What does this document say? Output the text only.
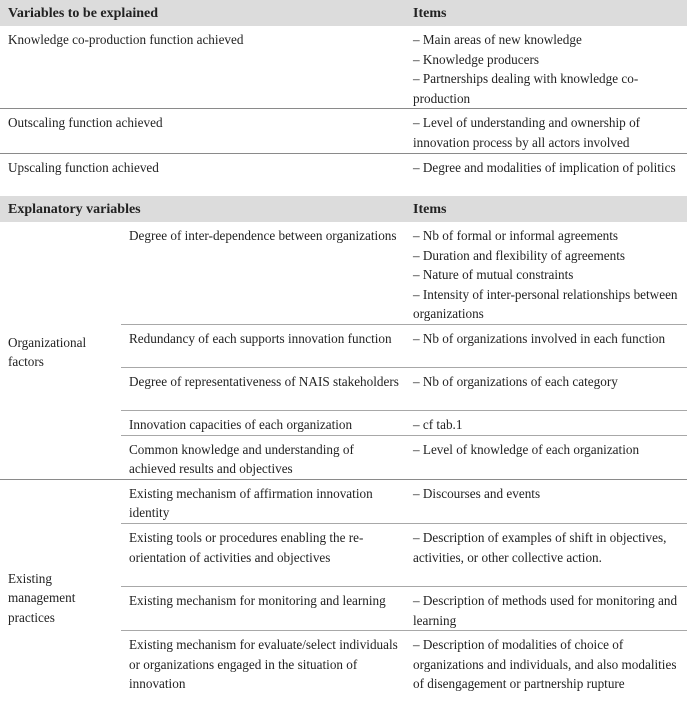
Variables to be explained		Items
Knowledge co-production function achieved		– Main areas of new knowledge
– Knowledge producers
– Partnerships dealing with knowledge co-production

Outscaling function achieved		– Level of understanding and ownership of innovation process by all actors involved

Upscaling function achieved		– Degree and modalities of implication of politics

Explanatory variables		Items
Organizational factors	Degree of inter-dependence between organizations	– Nb of formal or informal agreements
– Duration and flexibility of agreements
– Nature of mutual constraints
– Intensity of inter-personal relationships between organizations

	Redundancy of each supports innovation function	– Nb of organizations involved in each function

	Degree of representativeness of NAIS stakeholders	– Nb of organizations of each category

	Innovation capacities of each organization	– cf tab.1

	Common knowledge and understanding of achieved results and objectives	– Level of knowledge of each organization

Existing management practices	Existing mechanism of affirmation innovation identity	– Discourses and events

	Existing tools or procedures enabling the re-orientation of activities and objectives	– Description of examples of shift in objectives, activities, or other collective action.

	Existing mechanism for monitoring and learning	– Description of methods used for monitoring and learning

	Existing mechanism for evaluate/select individuals or organizations engaged in the situation of innovation	– Description of modalities of choice of organizations and individuals, and also modalities of disengagement or partnership rupture
